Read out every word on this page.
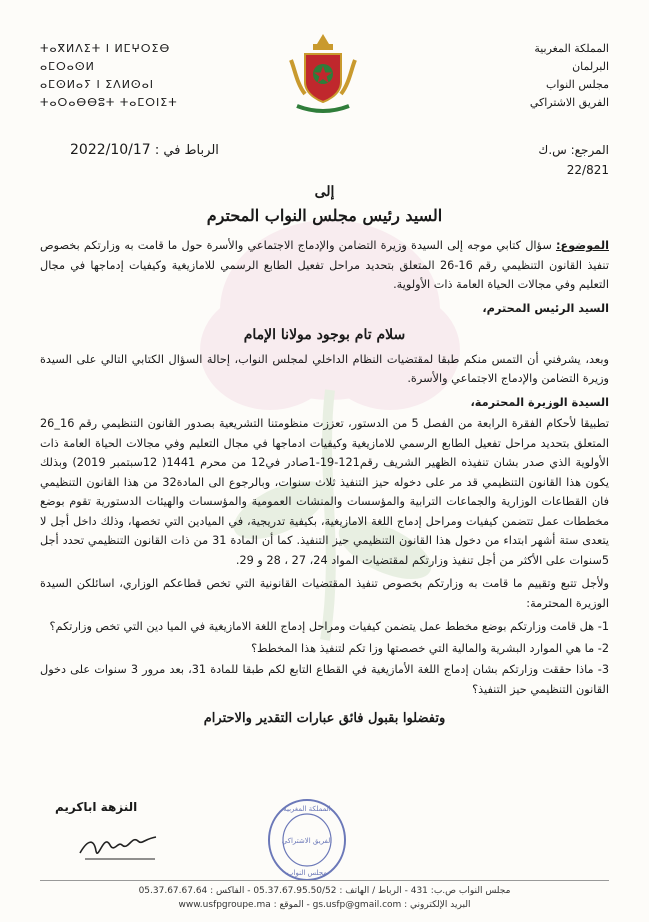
المملكة المغربية
البرلمان
مجلس النواب
الفريق الاشتراكي
ⵜⴰⴳⵍⴷⵉⵜ ⵏ ⵍⵎⵖⵔⵉⴱ
ⴰⵎⵔⴰⵙⵍ
ⴰⵎⵙⵍⴰⵢ ⵏ ⵉⴷⵍⵙⴰⵏ
ⵜⴰⵔⴰⴱⴱⵓⵜ ⵜⴰⵎⵔⵏⵉⵜ
المرجع: س.ك
22/821
الرباط في : 2022/10/17
إلى
السيد رئيس مجلس النواب المحترم

الموضوع: سؤال كتابي موجه إلى السيدة وزيرة التضامن والإدماج الاجتماعي والأسرة حول ما قامت به وزارتكم بخصوص تنفيذ القانون التنظيمي رقم 16-26 المتعلق بتحديد مراحل تفعيل الطابع الرسمي للامازيغية وكيفيات إدماجها في مجال التعليم وفي مجالات الحياة العامة ذات الأولوية.

السيد الرئيس المحترم،
سلام تام بوجود مولانا الإمام

وبعد، يشرفني أن التمس منكم طبقا لمقتضيات النظام الداخلي لمجلس النواب، إحالة السؤال الكتابي التالي على السيدة وزيرة التضامن والإدماج الاجتماعي والأسرة.

السيدة الوزيرة المحترمة،

تطبيقا لأحكام الفقرة الرابعة من الفصل 5 من الدستور، تعززت منظومتنا التشريعية بصدور القانون التنظيمي رقم 16_26 المتعلق بتحديد مراحل تفعيل الطابع الرسمي للامازيغية وكيفيات ادماجها في مجال التعليم وفي مجالات الحياة العامة ذات الأولوية الذي صدر بشان تنفيذه الظهير الشريف رقم121-19-1صادر في12 من محرم 1441( 12سبتمبر 2019) وبذلك يكون هذا القانون التنظيمي قد مر على دخوله حيز التنفيذ ثلاث سنوات، وبالرجوع الى المادة32 من هذا القانون التنظيمي فان القطاعات الوزارية والجماعات الترابية والمؤسسات والمنشات العمومية والمؤسسات والهيئات الدستورية تقوم بوضع مخططات عمل تتضمن كيفيات ومراحل إدماج اللغة الامازيغية، بكيفية تدريجية، في الميادين التي تخصها، وذلك داخل أجل لا يتعدى ستة أشهر ابتداء من دخول هذا القانون التنظيمي حيز التنفيذ. كما أن المادة 31 من ذات القانون التنظيمي تحدد أجل 5سنوات على الأكثر من أجل تنفيذ وزارتكم لمقتضيات المواد 24، 27 ، 28 و 29.

ولأجل تتبع وتقييم ما قامت به وزارتكم بخصوص تنفيذ المقتضيات القانونية التي تخص قطاعكم الوزاري، اسائلكن السيدة الوزيرة المحترمة:

1- هل قامت وزارتكم بوضع مخطط عمل يتضمن كيفيات ومراحل إدماج اللغة الامازيغية في الميا دين التي تخص وزارتكم؟

2- ما هي الموارد البشرية والمالية التي خصصتها وزا تكم لتنفيذ هذا المخطط؟

3- ماذا حققت وزارتكم بشان إدماج اللغة الأمازيغية في القطاع التابع لكم طبقا للمادة 31، بعد مرور 3 سنوات على دخول القانون التنظيمي حيز التنفيذ؟

وتفضلوا بقبول فائق عبارات التقدير والاحترام
النزهة اباكريم	المملكة المغربية
الفريق الاشتراكي
مجلس النواب
مجلس النواب ص.ب: 431 - الرباط / الهاتف : 05.37.67.95.50/52 - الفاكس : 05.37.67.67.64
البريد الإلكتروني : gs.usfp@gmail.com - الموقع : www.usfpgroupe.ma
